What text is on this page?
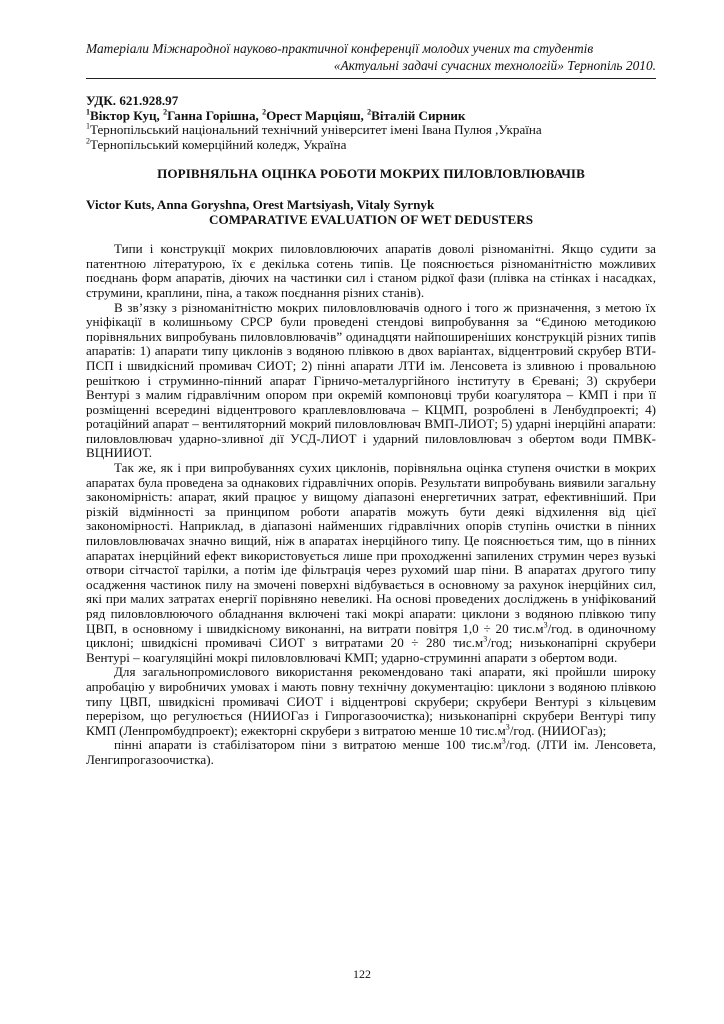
Матеріали Міжнародної науково-практичної конференції молодих учених та студентів
«Актуальні задачі сучасних технологій» Тернопіль 2010.
УДК. 621.928.97
$^1$Віктор Куц, $^2$Ганна Горішна, $^2$Орест Марціяш, $^2$Віталій Сирник
$^1$Тернопільський національний технічний університет імені Івана Пулюя ,Україна
$^2$Тернопільський комерційний коледж, Україна
ПОРІВНЯЛЬНА ОЦІНКА РОБОТИ МОКРИХ ПИЛОВЛОВЛЮВАЧІВ
Victor Kuts, Anna Goryshna, Orest Martsiyash, Vitaly Syrnyk
COMPARATIVE EVALUATION OF WET DEDUSTERS

Типи і конструкції мокрих пиловловлюючих апаратів доволі різноманітні. Якщо судити за патентною літературою, їх є декілька сотень типів. Це пояснюється різноманітністю можливих поєднань форм апаратів, діючих на частинки сил і станом рідкої фази (плівка на стінках і насадках, струмини, краплини, піна, а також поєднання різних станів).

В зв’язку з різноманітністю мокрих пиловловлювачів одного і того ж призначення, з метою їх уніфікації в колишньому СРСР були проведені стендові випробування за “Єдиною методикою порівняльних випробувань пиловловлювачів” одинадцяти найпоширеніших конструкцій різних типів апаратів: 1) апарати типу циклонів з водяною плівкою в двох варіантах, відцентровий скрубер ВТИ-ПСП і швидкісний промивач СИОТ; 2) пінні апарати ЛТИ ім. Ленсовета із зливною і провальною решіткою і струминно-пінний апарат Гірничо-металургійного інституту в Єревані; 3) скрубери Вентурі з малим гідравлічним опором при окремій компоновці труби коагулятора – КМП і при її розміщенні всередині відцентрового краплевловлювача – КЦМП, розроблені в Ленбудпроекті; 4) ротаційний апарат – вентиляторний мокрий пиловловлювач ВМП-ЛИОТ; 5) ударні інерційні апарати: пиловловлювач ударно-зливної дії УСД-ЛИОТ і ударний пиловловлювач з обертом води ПМВК-ВЦНИИОТ.

Так же, як і при випробуваннях сухих циклонів, порівняльна оцінка ступеня очистки в мокрих апаратах була проведена за однакових гідравлічних опорів. Результати випробувань виявили загальну закономірність: апарат, який працює у вищому діапазоні енергетичних затрат, ефективніший. При різкій відмінності за принципом роботи апаратів можуть бути деякі відхилення від цієї закономірності. Наприклад, в діапазоні найменших гідравлічних опорів ступінь очистки в пінних пиловловлювачах значно вищий, ніж в апаратах інерційного типу. Це пояснюється тим, що в пінних апаратах інерційний ефект використовується лише при проходженні запилених струмин через вузькі отвори сітчастої тарілки, а потім іде фільтрація через рухомий шар піни. В апаратах другого типу осадження частинок пилу на змочені поверхні відбувається в основному за рахунок інерційних сил, які при малих затратах енергії порівняно невеликі. На основі проведених досліджень в уніфікований ряд пиловловлюючого обладнання включені такі мокрі апарати: циклони з водяною плівкою типу ЦВП, в основному і швидкісному виконанні, на витрати повітря 1,0 ÷ 20 $тис.м^3$/год. в одиночному циклоні; швидкісні промивачі СИОТ з витратами 20 ÷ 280 $тис.м^3$/год; низьконапірні скрубери Вентурі – коагуляційні мокрі пиловловлювачі КМП; ударно-струминні апарати з обертом води.

Для загальнопромислового використання рекомендовано такі апарати, які пройшли широку апробацію у виробничих умовах і мають повну технічну документацію: циклони з водяною плівкою типу ЦВП, швидкісні промивачі СИОТ і відцентрові скрубери; скрубери Вентурі з кільцевим перерізом, що регулюється (НИИОГаз і Гипрогазоочистка); низьконапірні скрубери Вентурі типу КМП (Ленпромбудпроект); ежекторні скрубери з витратою менше 10 $тис.м^3$/год. (НИИОГаз);

пінні апарати із стабілізатором піни з витратою менше 100 $тис.м^3$/год. (ЛТИ ім. Ленсовета, Ленгипрогазоочистка).

122
